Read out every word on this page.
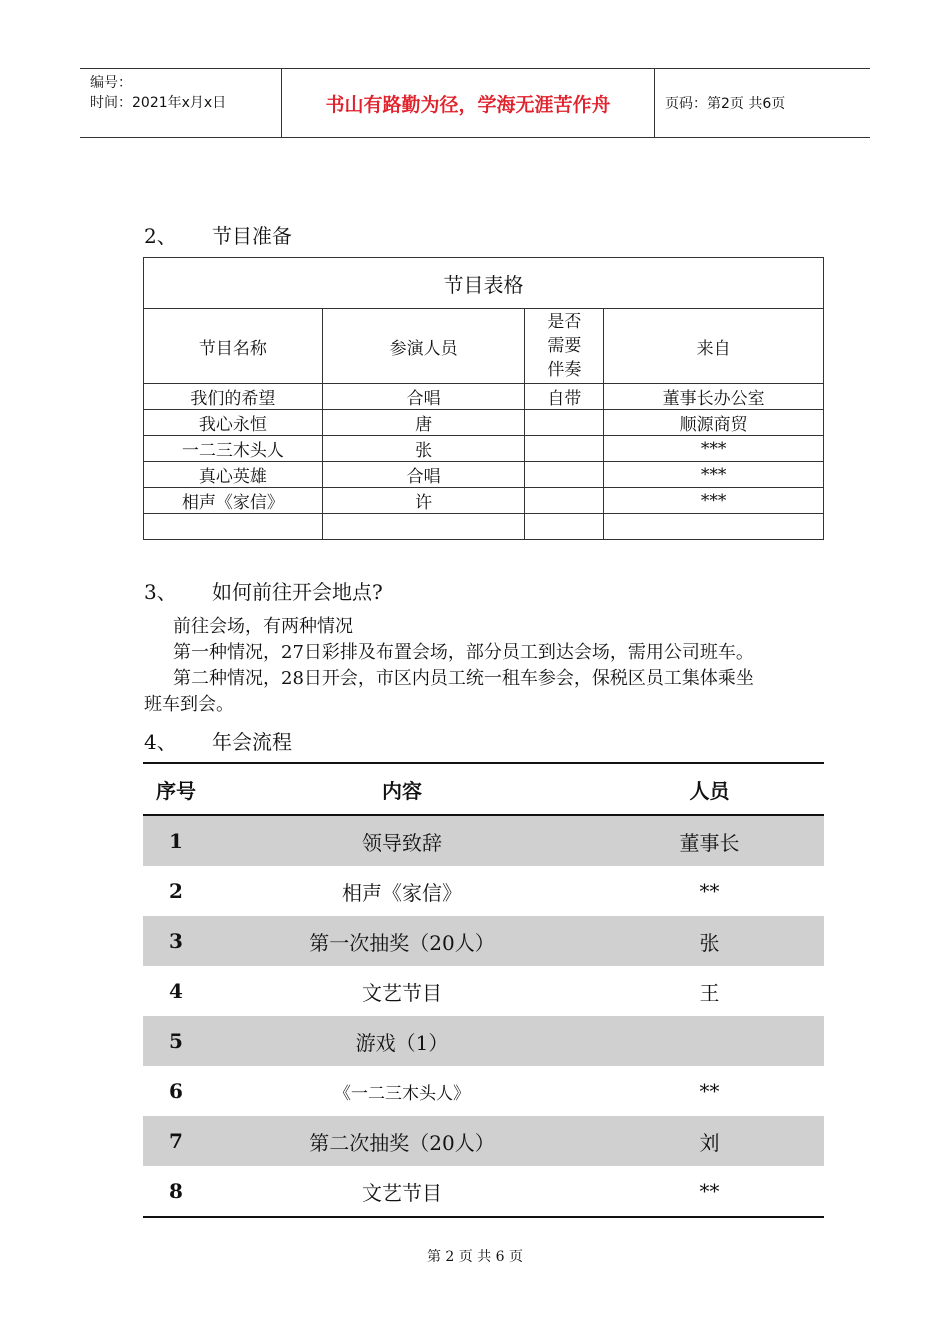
编号：
时间：2021年x月x日	书山有路勤为径，学海无涯苦作舟	页码：第2页 共6页
2、 节目准备
节目表格			
节目名称	参演人员	是否
需要
伴奏	来自
我们的希望	合唱	自带	董事长办公室
我心永恒	唐		顺源商贸
一二三木头人	张		***
真心英雄	合唱		***
相声《家信》	许		***

3、 如何前往开会地点?
前往会场，有两种情况
第一种情况，27日彩排及布置会场，部分员工到达会场，需用公司班车。
第二种情况，28日开会，市区内员工统一租车参会，保税区员工集体乘坐
班车到会。
4、 年会流程
序号	内容	人员
1	领导致辞	董事长
2	相声《家信》	**
3	第一次抽奖（20人）	张
4	文艺节目	王
5	游戏（1）
6	《一二三木头人》	**
7	第二次抽奖（20人）	刘
8	文艺节目	**
第 2 页 共 6 页
